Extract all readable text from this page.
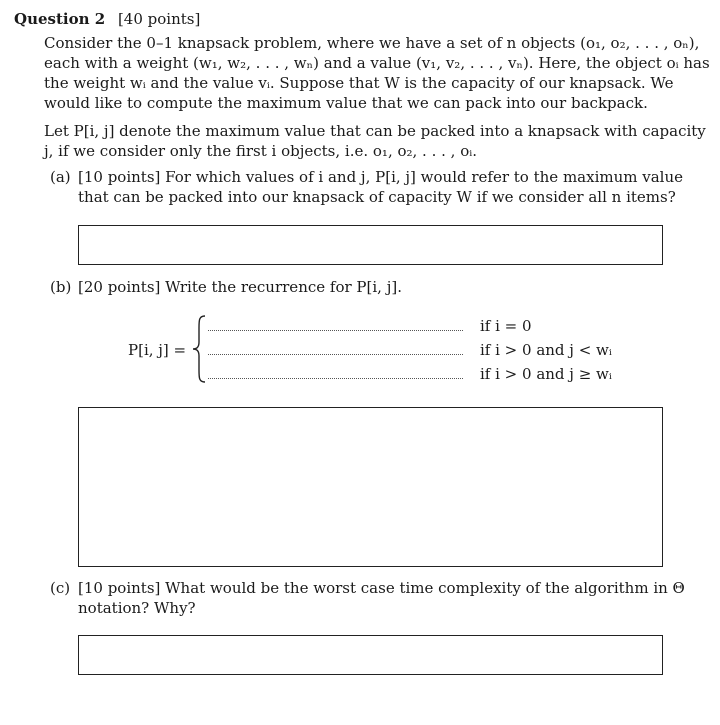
Question 2 [40 points]
Consider the 0–1 knapsack problem, where we have a set of n objects (o₁, o₂, . . . , oₙ),
each with a weight (w₁, w₂, . . . , wₙ) and a value (v₁, v₂, . . . , vₙ). Here, the object oᵢ has
the weight wᵢ and the value vᵢ. Suppose that W is the capacity of our knapsack. We
would like to compute the maximum value that we can pack into our backpack.
Let P[i, j] denote the maximum value that can be packed into a knapsack with capacity
j, if we consider only the first i objects, i.e. o₁, o₂, . . . , oᵢ.
(a) [10 points] For which values of i and j, P[i, j] would refer to the maximum value
that can be packed into our knapsack of capacity W if we consider all n items?
(b) [20 points] Write the recurrence for P[i, j].
P[i, j] =
if i = 0
if i > 0 and j < wᵢ
if i > 0 and j ≥ wᵢ
(c) [10 points] What would be the worst case time complexity of the algorithm in Θ
notation? Why?
